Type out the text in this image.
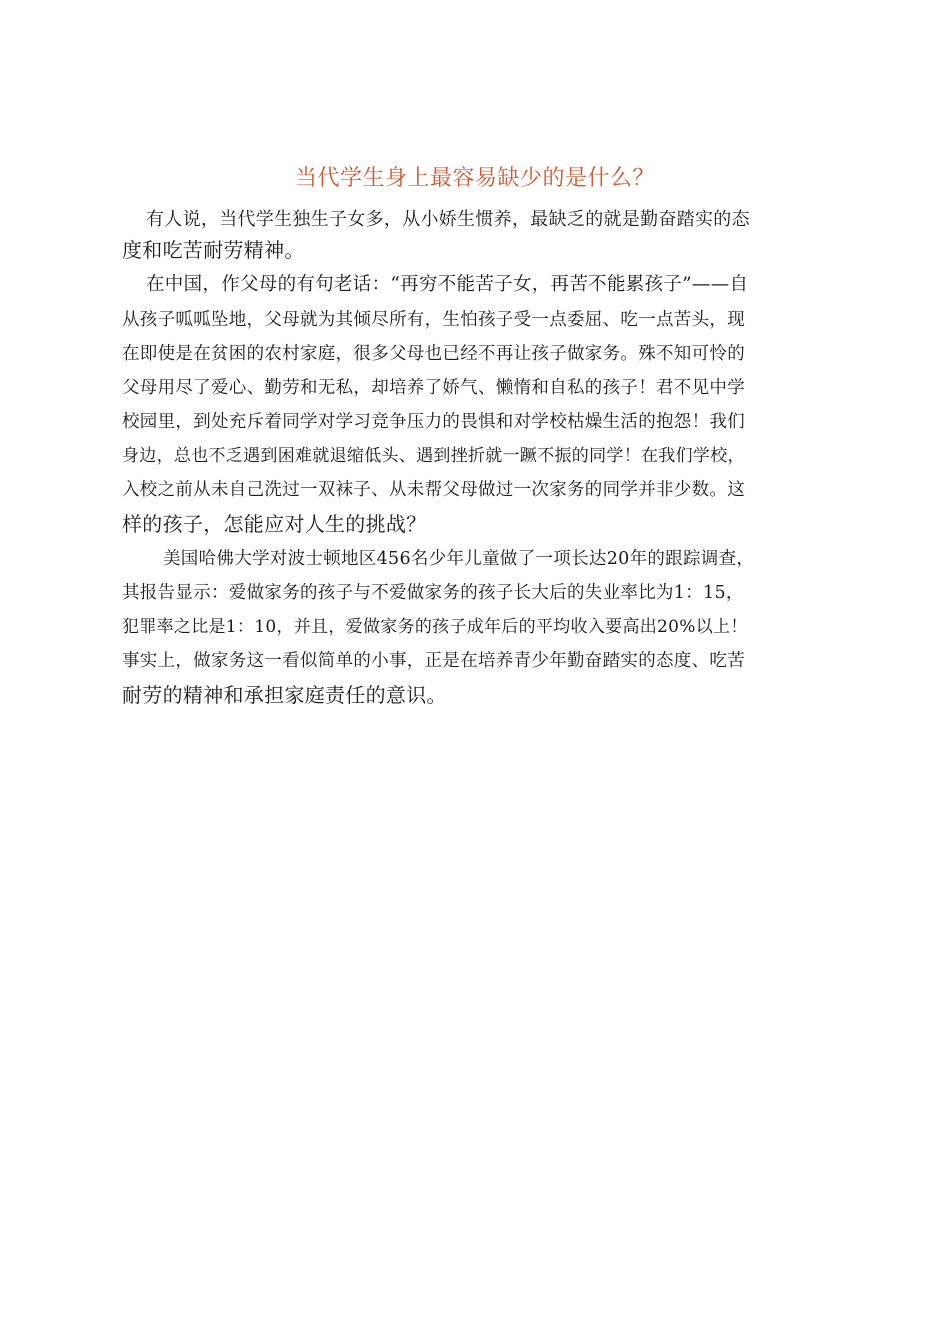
当代学生身上最容易缺少的是什么？
有人说，当代学生独生子女多，从小娇生惯养，最缺乏的就是勤奋踏实的态
度和吃苦耐劳精神。
在中国，作父母的有句老话：“再穷不能苦子女，再苦不能累孩子”——自
从孩子呱呱坠地，父母就为其倾尽所有，生怕孩子受一点委屈、吃一点苦头，现
在即使是在贫困的农村家庭，很多父母也已经不再让孩子做家务。殊不知可怜的
父母用尽了爱心、勤劳和无私，却培养了娇气、懒惰和自私的孩子！君不见中学
校园里，到处充斥着同学对学习竞争压力的畏惧和对学校枯燥生活的抱怨！我们
身边，总也不乏遇到困难就退缩低头、遇到挫折就一蹶不振的同学！在我们学校，
入校之前从未自己洗过一双袜子、从未帮父母做过一次家务的同学并非少数。这
样的孩子，怎能应对人生的挑战？
美国哈佛大学对波士顿地区456名少年儿童做了一项长达20年的跟踪调查，
其报告显示：爱做家务的孩子与不爱做家务的孩子长大后的失业率比为1：15，
犯罪率之比是1：10，并且，爱做家务的孩子成年后的平均收入要高出20%以上！
事实上，做家务这一看似简单的小事，正是在培养青少年勤奋踏实的态度、吃苦
耐劳的精神和承担家庭责任的意识。
